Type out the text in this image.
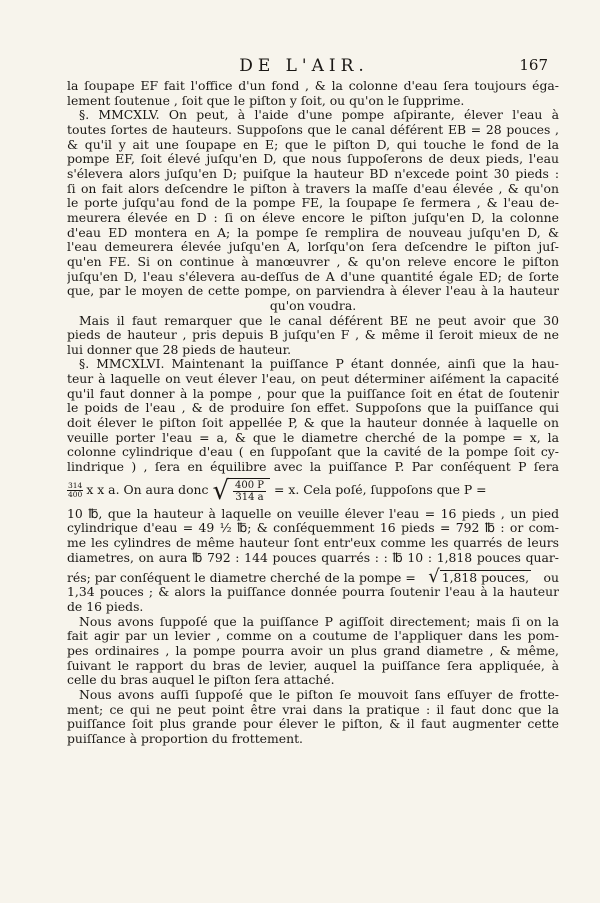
DE L'AIR.	167
la ſoupape EF fait l'office d'un fond , & la colonne d'eau ſera toujours éga-
lement ſoutenue , ſoit que le piſton y ſoit, ou qu'on le ſupprime.
§. MMCXLV. On peut, à l'aide d'une pompe aſpirante, élever l'eau à
toutes ſortes de hauteurs. Suppoſons que le canal déférent EB = 28 pouces ,
& qu'il y ait une ſoupape en E; que le piſton D, qui touche le fond de la
pompe EF, ſoit élevé juſqu'en D, que nous ſuppoſerons de deux pieds, l'eau
s'élevera alors juſqu'en D; puiſque la hauteur BD n'excede point 30 pieds :
ſi on fait alors deſcendre le piſton à travers la maſſe d'eau élevée , & qu'on
le porte juſqu'au fond de la pompe FE, la ſoupape ſe fermera , & l'eau de-
meurera élevée en D : ſi on éleve encore le piſton juſqu'en D, la colonne
d'eau ED montera en A; la pompe ſe remplira de nouveau juſqu'en D, &
l'eau demeurera élevée juſqu'en A, lorſqu'on ſera deſcendre le piſton juſ-
qu'en FE. Si on continue à manœuvrer , & qu'on releve encore le piſton
juſqu'en D, l'eau s'élevera au-deſſus de A d'une quantité égale ED; de ſorte
que, par le moyen de cette pompe, on parviendra à élever l'eau à la hauteur
qu'on voudra.
Mais il faut remarquer que le canal déférent BE ne peut avoir que 30
pieds de hauteur , pris depuis B juſqu'en F , & même il ſeroit mieux de ne
lui donner que 28 pieds de hauteur.
§. MMCXLVI. Maintenant la puiſſance P étant donnée, ainſi que la hau-
teur à laquelle on veut élever l'eau, on peut déterminer aiſément la capacité
qu'il faut donner à la pompe , pour que la puiſſance ſoit en état de ſoutenir
le poids de l'eau , & de produire ſon effet. Suppoſons que la puiſſance qui
doit élever le piſton ſoit appellée P, & que la hauteur donnée à laquelle on
veuille porter l'eau = a, & que le diametre cherché de la pompe = x, la
colonne cylindrique d'eau ( en ſuppoſant que la cavité de la pompe ſoit cy-
lindrique ) , ſera en équilibre avec la puiſſance P. Par conſéquent P ſera
$\frac{314}{400}$ x x a. On aura donc √ $\frac{400 P}{314 a} = x$. Cela poſé, ſuppoſons que P =
10 ℔, que la hauteur à laquelle on veuille élever l'eau = 16 pieds , un pied
cylindrique d'eau = 49 ½ ℔; & conſéquemment 16 pieds = 792 ℔ : or com-
me les cylindres de même hauteur ſont entr'eux comme les quarrés de leurs
diametres, on aura ℔ 792 : 144 pouces quarrés : : ℔ 10 : 1,818 pouces quar-
rés; par conſéquent le diametre cherché de la pompe = √ 1,818 pouces, ou
1,34 pouces ; & alors la puiſſance donnée pourra ſoutenir l'eau à la hauteur
de 16 pieds.
Nous avons ſuppoſé que la puiſſance P agiſſoit directement; mais ſi on la
fait agir par un levier , comme on a coutume de l'appliquer dans les pom-
pes ordinaires , la pompe pourra avoir un plus grand diametre , & même,
ſuivant le rapport du bras de levier, auquel la puiſſance ſera appliquée, à
celle du bras auquel le piſton ſera attaché.
Nous avons auſſi ſuppoſé que le piſton ſe mouvoit ſans eſſuyer de frotte-
ment; ce qui ne peut point être vrai dans la pratique : il faut donc que la
puiſſance ſoit plus grande pour élever le piſton, & il faut augmenter cette
puiſſance à proportion du frottement.
